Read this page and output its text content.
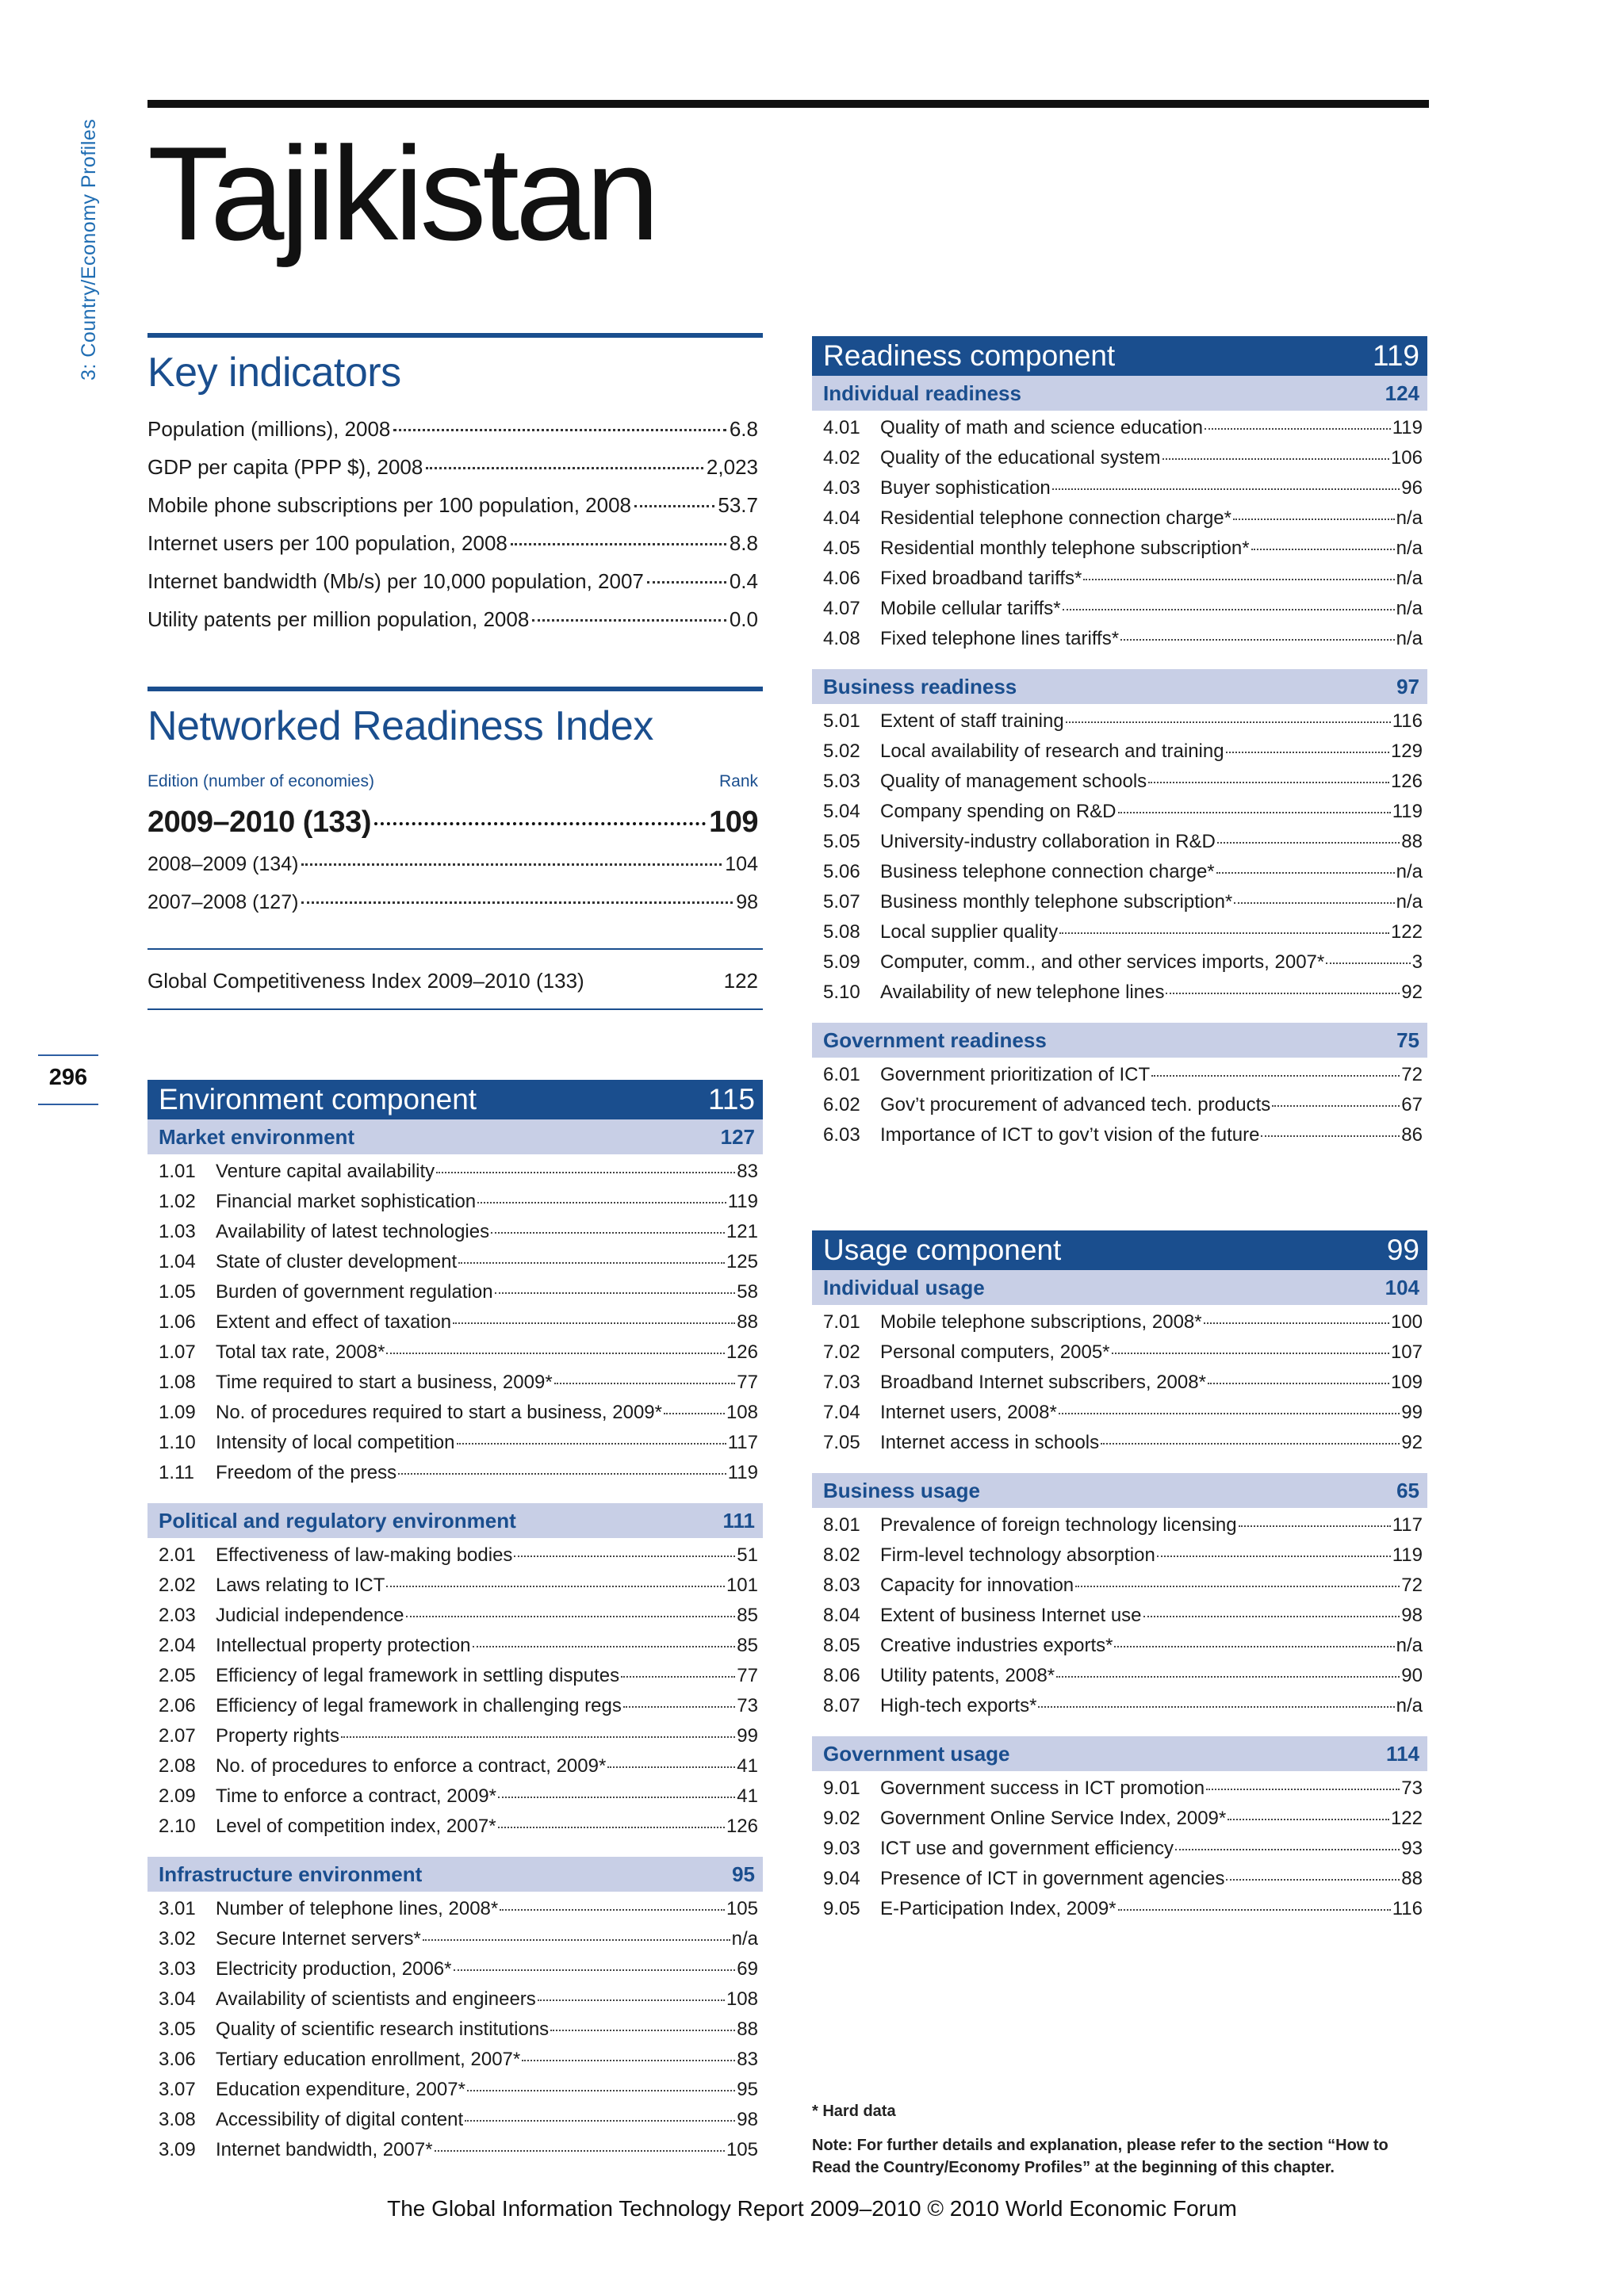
3: Country/Economy Profiles
296
Tajikistan
Key indicators
Population (millions), 2008	6.8
GDP per capita (PPP $), 2008	2,023
Mobile phone subscriptions per 100 population, 2008	53.7
Internet users per 100 population, 2008	8.8
Internet bandwidth (Mb/s) per 10,000 population, 2007	0.4
Utility patents per million population, 2008	0.0
Networked Readiness Index
Edition (number of economies)	Rank
2009–2010 (133)	109
2008–2009 (134)	104
2007–2008 (127)	98
Global Competitiveness Index 2009–2010 (133)	122
Environment component	115
Market environment	127
1.01	Venture capital availability	83
1.02	Financial market sophistication	119
1.03	Availability of latest technologies	121
1.04	State of cluster development	125
1.05	Burden of government regulation	58
1.06	Extent and effect of taxation	88
1.07	Total tax rate, 2008*	126
1.08	Time required to start a business, 2009*	77
1.09	No. of procedures required to start a business, 2009*	108
1.10	Intensity of local competition	117
1.11	Freedom of the press	119
Political and regulatory environment	111
2.01	Effectiveness of law-making bodies	51
2.02	Laws relating to ICT	101
2.03	Judicial independence	85
2.04	Intellectual property protection	85
2.05	Efficiency of legal framework in settling disputes	77
2.06	Efficiency of legal framework in challenging regs	73
2.07	Property rights	99
2.08	No. of procedures to enforce a contract, 2009*	41
2.09	Time to enforce a contract, 2009*	41
2.10	Level of competition index, 2007*	126
Infrastructure environment	95
3.01	Number of telephone lines, 2008*	105
3.02	Secure Internet servers*	n/a
3.03	Electricity production, 2006*	69
3.04	Availability of scientists and engineers	108
3.05	Quality of scientific research institutions	88
3.06	Tertiary education enrollment, 2007*	83
3.07	Education expenditure, 2007*	95
3.08	Accessibility of digital content	98
3.09	Internet bandwidth, 2007*	105
Readiness component	119
Individual readiness	124
4.01	Quality of math and science education	119
4.02	Quality of the educational system	106
4.03	Buyer sophistication	96
4.04	Residential telephone connection charge*	n/a
4.05	Residential monthly telephone subscription*	n/a
4.06	Fixed broadband tariffs*	n/a
4.07	Mobile cellular tariffs*	n/a
4.08	Fixed telephone lines tariffs*	n/a
Business readiness	97
5.01	Extent of staff training	116
5.02	Local availability of research and training	129
5.03	Quality of management schools	126
5.04	Company spending on R&D	119
5.05	University-industry collaboration in R&D	88
5.06	Business telephone connection charge*	n/a
5.07	Business monthly telephone subscription*	n/a
5.08	Local supplier quality	122
5.09	Computer, comm., and other services imports, 2007*	3
5.10	Availability of new telephone lines	92
Government readiness	75
6.01	Government prioritization of ICT	72
6.02	Gov’t procurement of advanced tech. products	67
6.03	Importance of ICT to gov’t vision of the future	86
Usage component	99
Individual usage	104
7.01	Mobile telephone subscriptions, 2008*	100
7.02	Personal computers, 2005*	107
7.03	Broadband Internet subscribers, 2008*	109
7.04	Internet users, 2008*	99
7.05	Internet access in schools	92
Business usage	65
8.01	Prevalence of foreign technology licensing	117
8.02	Firm-level technology absorption	119
8.03	Capacity for innovation	72
8.04	Extent of business Internet use	98
8.05	Creative industries exports*	n/a
8.06	Utility patents, 2008*	90
8.07	High-tech exports*	n/a
Government usage	114
9.01	Government success in ICT promotion	73
9.02	Government Online Service Index, 2009*	122
9.03	ICT use and government efficiency	93
9.04	Presence of ICT in government agencies	88
9.05	E-Participation Index, 2009*	116
* Hard data
Note: For further details and explanation, please refer to the section “How to Read the Country/Economy Profiles” at the beginning of this chapter.
The Global Information Technology Report 2009–2010 © 2010 World Economic Forum
